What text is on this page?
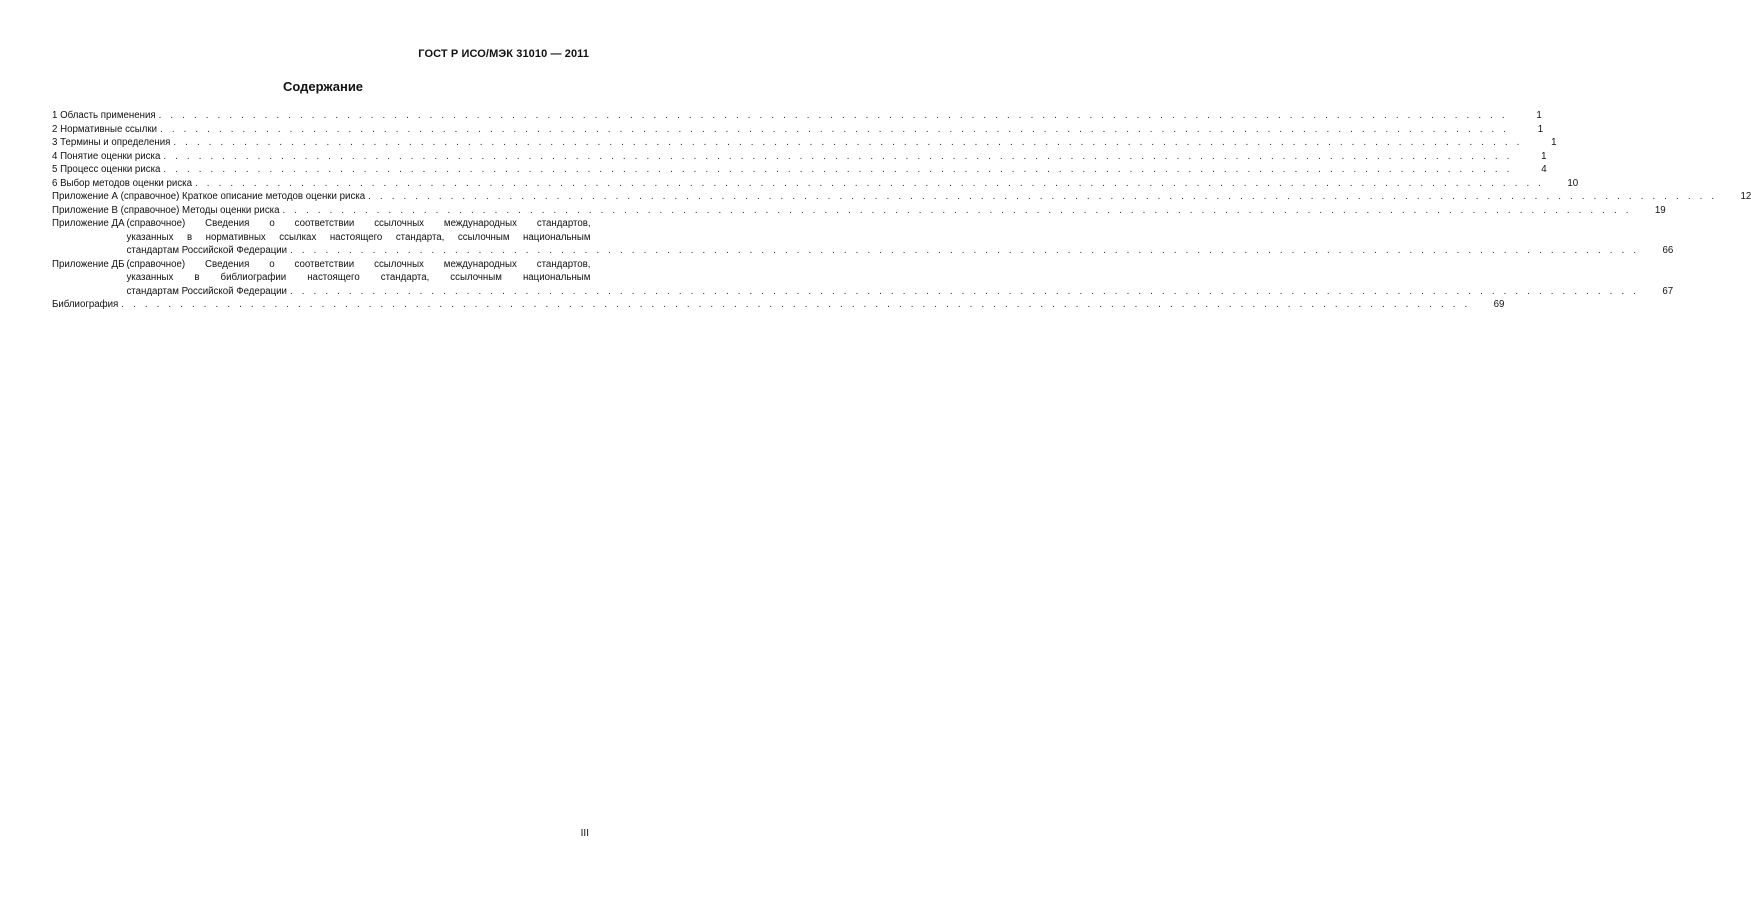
ГОСТ Р ИСО/МЭК 31010 — 2011
Содержание
1 Область применения . . .	1
2 Нормативные ссылки . . .	1
3 Термины и определения . . .	1
4 Понятие оценки риска . . .	1
5 Процесс оценки риска . . .	4
6 Выбор методов оценки риска . . .	10
Приложение А (справочное) Краткое описание методов оценки риска . . .	12
Приложение В (справочное) Методы оценки риска . . .	19
Приложение ДА (справочное) Сведения о соответствии ссылочных международных стандартов,
указанных в нормативных ссылках настоящего стандарта, ссылочным национальным
стандартам Российской Федерации . . .	66
Приложение ДБ (справочное) Сведения о соответствии ссылочных международных стандартов,
указанных в библиографии настоящего стандарта, ссылочным национальным
стандартам Российской Федерации . . .	67
Библиография . . .	69
III
